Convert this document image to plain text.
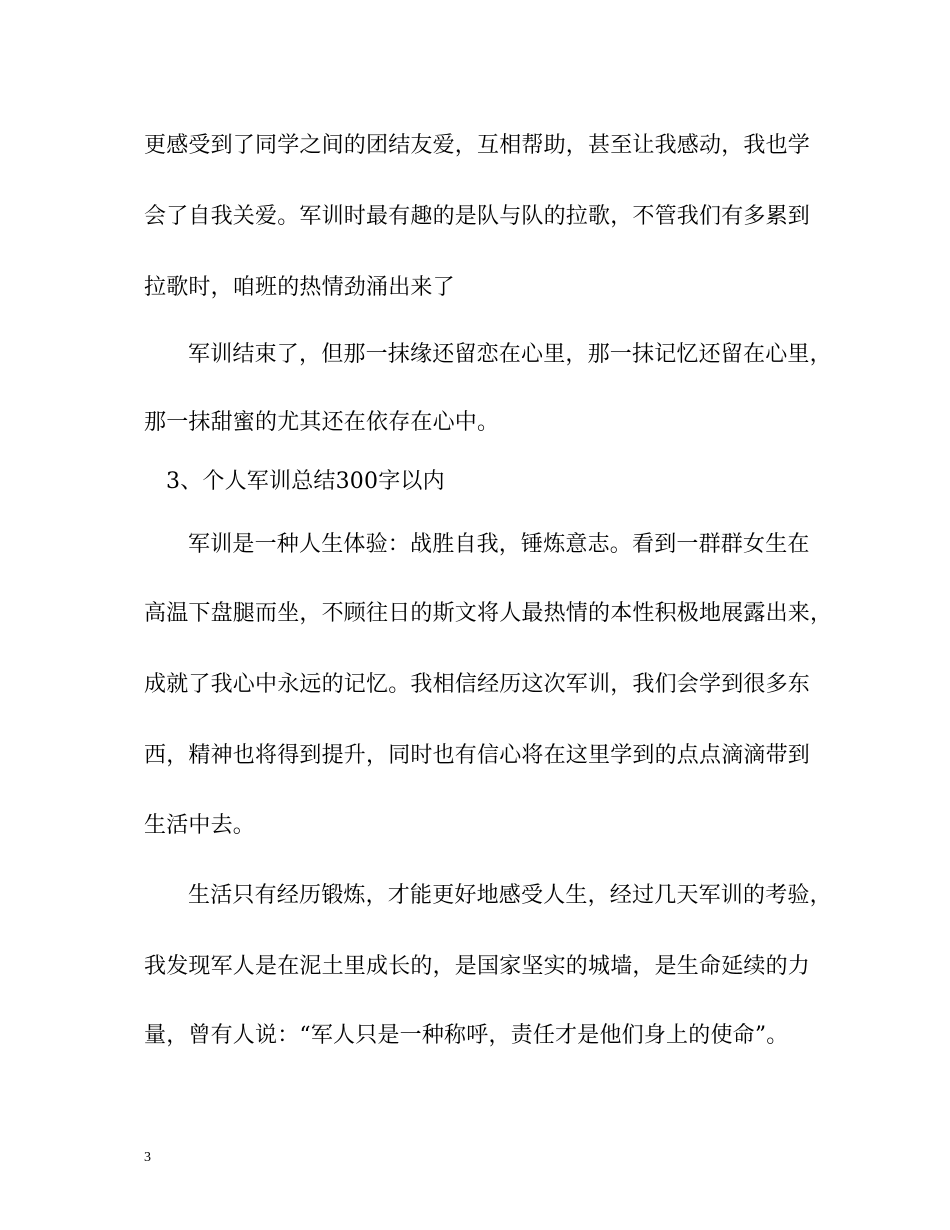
更感受到了同学之间的团结友爱，互相帮助，甚至让我感动，我也学
会了自我关爱。军训时最有趣的是队与队的拉歌，不管我们有多累到
拉歌时，咱班的热情劲涌出来了
军训结束了，但那一抹缘还留恋在心里，那一抹记忆还留在心里，
那一抹甜蜜的尤其还在依存在心中。
3、个人军训总结300字以内
军训是一种人生体验：战胜自我，锤炼意志。看到一群群女生在
高温下盘腿而坐，不顾往日的斯文将人最热情的本性积极地展露出来，
成就了我心中永远的记忆。我相信经历这次军训，我们会学到很多东
西，精神也将得到提升，同时也有信心将在这里学到的点点滴滴带到
生活中去。
生活只有经历锻炼，才能更好地感受人生，经过几天军训的考验，
我发现军人是在泥土里成长的，是国家坚实的城墙，是生命延续的力
量，曾有人说：“军人只是一种称呼，责任才是他们身上的使命”。
3
